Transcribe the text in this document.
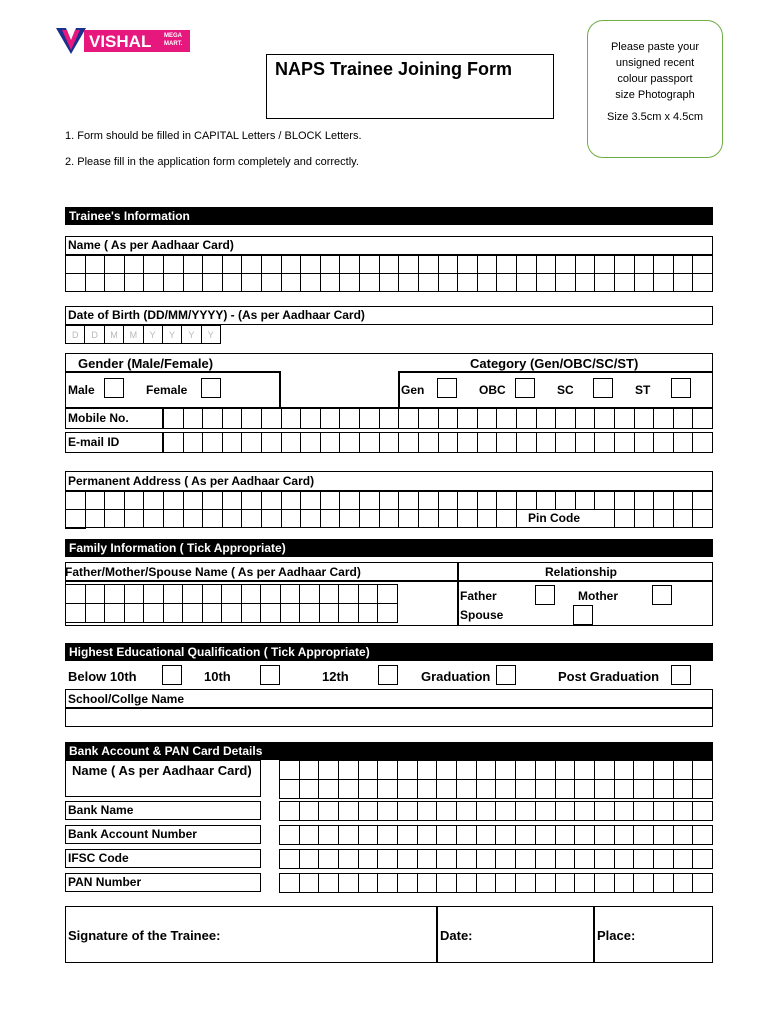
VISHAL MEGA
MART.
NAPS Trainee Joining Form
Please paste your
unsigned recent
colour passport
size Photograph
Size 3.5cm x 4.5cm
1. Form should be filled in CAPITAL Letters / BLOCK Letters.
2. Please fill in the application form completely and correctly.
Trainee's Information
Name ( As per Aadhaar Card)
Date of Birth (DD/MM/YYYY) - (As per Aadhaar Card)
D	D	M	M	Y	Y	Y	Y
Gender (Male/Female)	Category (Gen/OBC/SC/ST)
Male	Female	Gen	OBC	SC	ST
Mobile No.
E-mail ID
Permanent Address ( As per Aadhaar Card)
Pin Code
Family Information ( Tick Appropriate)
Father/Mother/Spouse Name ( As per Aadhaar Card)	Relationship
Father	Mother
Spouse
Highest Educational Qualification ( Tick Appropriate)
Below 10th	10th	12th	Graduation	Post Graduation
School/Collge Name
Bank Account & PAN Card Details
Name ( As per Aadhaar Card)
Bank Name
Bank Account Number
IFSC Code
PAN Number
Signature of the Trainee:	Date:	Place:
